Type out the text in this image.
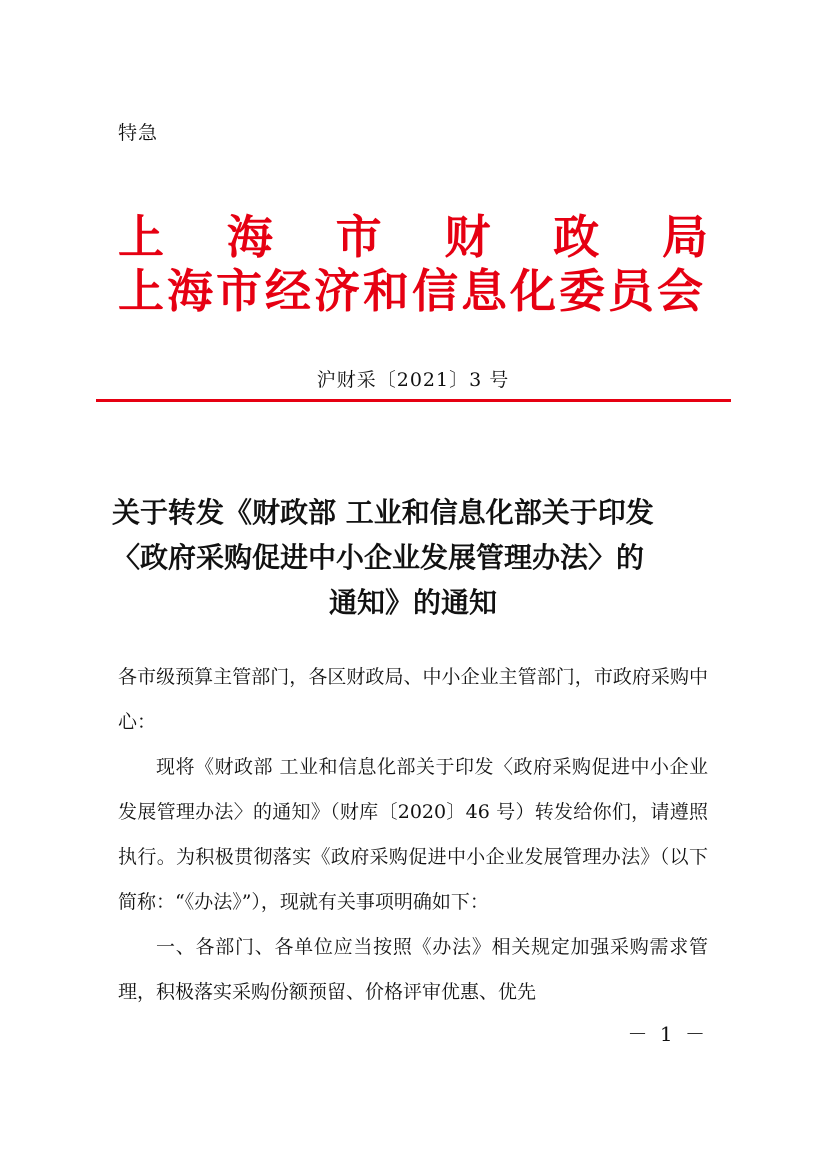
特急
上 海 市 财 政 局
上海市经济和信息化委员会
沪财采〔2021〕3 号
关于转发《财政部 工业和信息化部关于印发
〈政府采购促进中小企业发展管理办法〉的
通知》的通知

各市级预算主管部门，各区财政局、中小企业主管部门，市政府采购中心：

现将《财政部 工业和信息化部关于印发〈政府采购促进中小企业发展管理办法〉的通知》（财库〔2020〕46 号）转发给你们，请遵照执行。为积极贯彻落实《政府采购促进中小企业发展管理办法》（以下简称：“《办法》”），现就有关事项明确如下：

一、各部门、各单位应当按照《办法》相关规定加强采购需求管理，积极落实采购份额预留、价格评审优惠、优先

－ 1 －
